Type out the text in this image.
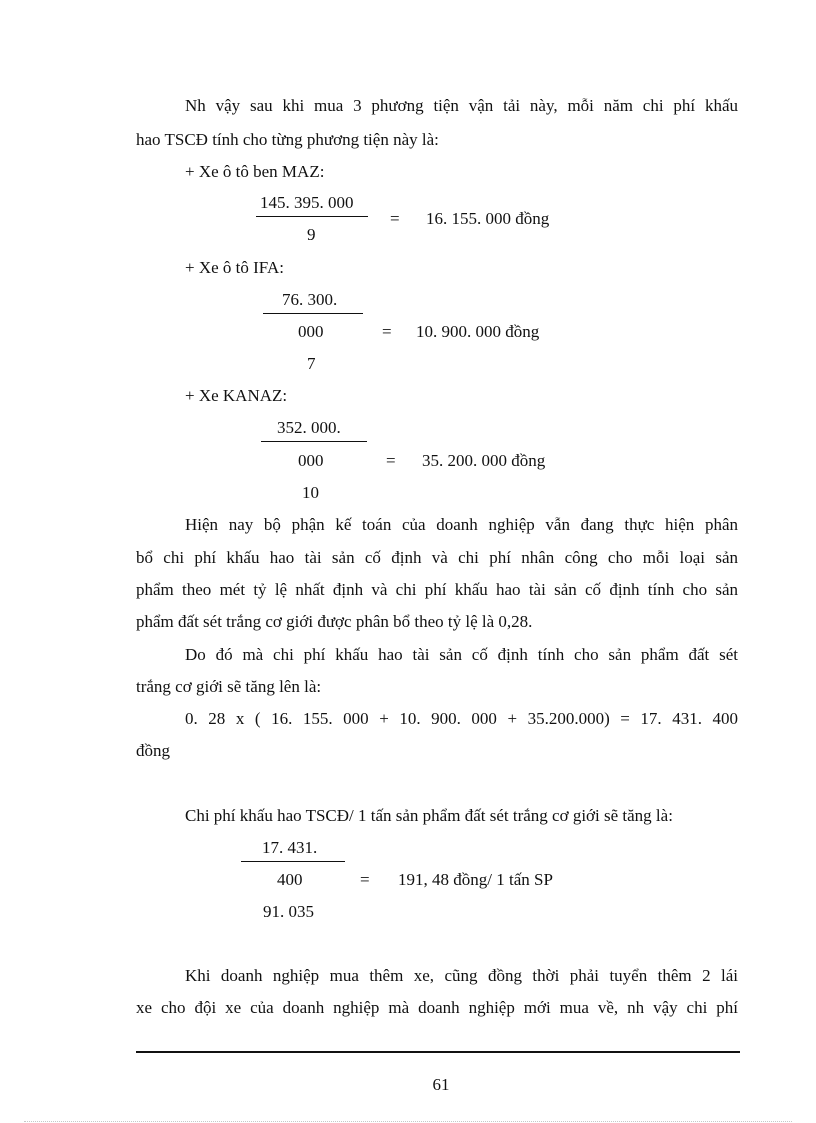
Nh vậy sau khi mua 3 phương tiện vận tải này, mỗi năm chi phí khấu
hao TSCĐ tính cho từng phương tiện này là:
+ Xe ô tô ben MAZ:
145. 395. 000
9
= 16. 155. 000 đồng
+ Xe ô tô IFA:
76. 300.
000
7
= 10. 900. 000 đồng
+ Xe KANAZ:
352. 000.
000
10
= 35. 200. 000 đồng
Hiện nay bộ phận kế toán của doanh nghiệp vẫn đang thực hiện phân
bổ chi phí khấu hao tài sản cố định và chi phí nhân công cho mỗi loại sản
phẩm theo mét tỷ lệ nhất định và chi phí khấu hao tài sản cố định tính cho sản
phẩm đất sét trắng cơ giới được phân bổ theo tỷ lệ là 0,28.
Do đó mà chi phí khấu hao tài sản cố định tính cho sản phẩm đất sét
trắng cơ giới sẽ tăng lên là:
0. 28 x ( 16. 155. 000 + 10. 900. 000 + 35.200.000) = 17. 431. 400
đồng
Chi phí khấu hao TSCĐ/ 1 tấn sản phẩm đất sét trắng cơ giới sẽ tăng là:
17. 431.
400
91. 035
= 191, 48 đồng/ 1 tấn SP
Khi doanh nghiệp mua thêm xe, cũng đồng thời phải tuyển thêm 2 lái
xe cho đội xe của doanh nghiệp mà doanh nghiệp mới mua về, nh vậy chi phí
61
